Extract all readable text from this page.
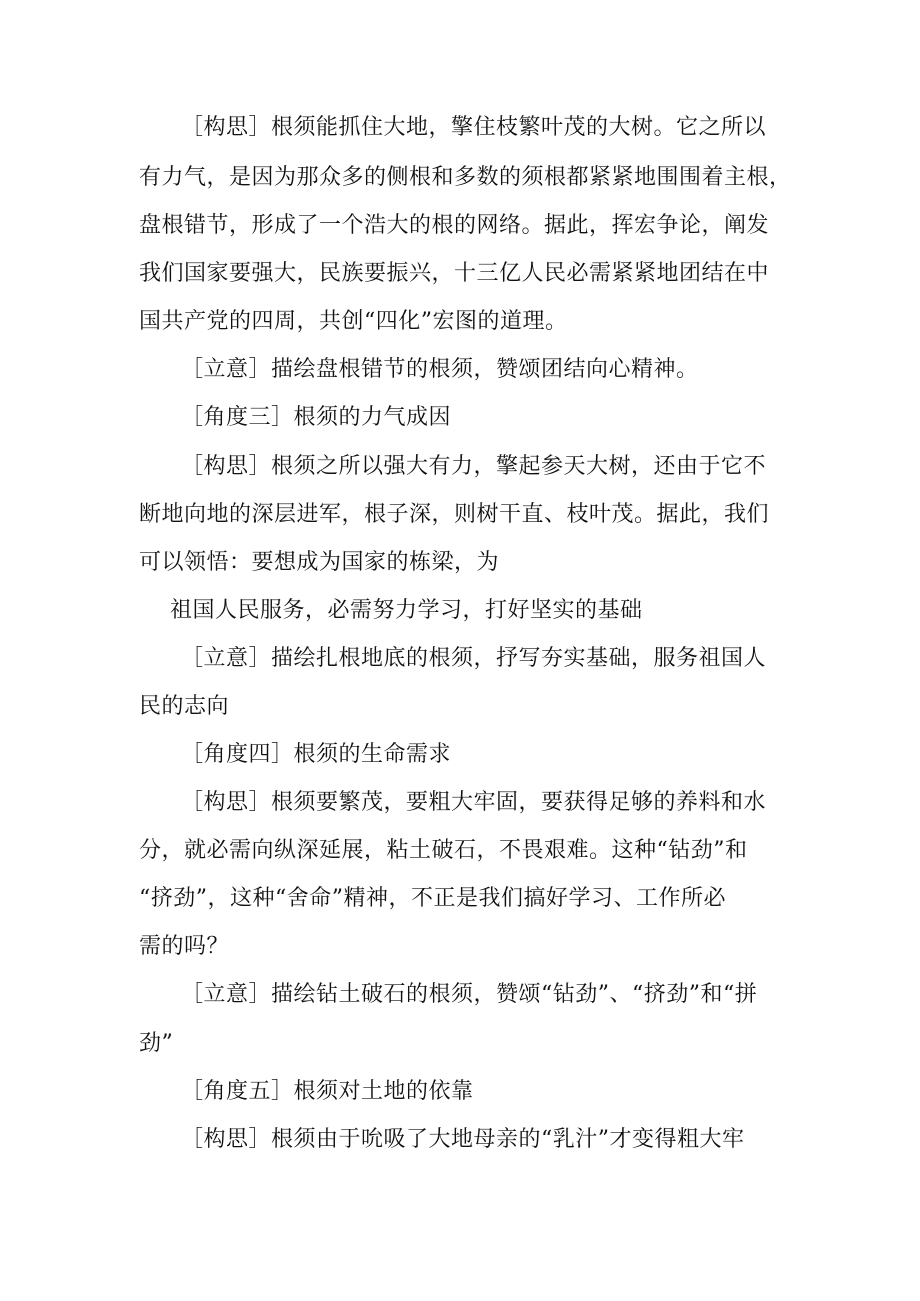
［构思］根须能抓住大地，擎住枝繁叶茂的大树。它之所以
有力气，是因为那众多的侧根和多数的须根都紧紧地围围着主根，
盘根错节，形成了一个浩大的根的网络。据此，挥宏争论，阐发
我们国家要强大，民族要振兴，十三亿人民必需紧紧地团结在中
国共产党的四周，共创“四化”宏图的道理。
［立意］描绘盘根错节的根须，赞颂团结向心精神。
［角度三］根须的力气成因
［构思］根须之所以强大有力，擎起参天大树，还由于它不
断地向地的深层进军，根子深，则树干直、枝叶茂。据此，我们
可以领悟：要想成为国家的栋梁，为
祖国人民服务，必需努力学习，打好坚实的基础
［立意］描绘扎根地底的根须，抒写夯实基础，服务祖国人
民的志向
［角度四］根须的生命需求
［构思］根须要繁茂，要粗大牢固，要获得足够的养料和水
分，就必需向纵深延展，粘土破石，不畏艰难。这种“钻劲”和
“挤劲”，这种“舍命”精神，不正是我们搞好学习、工作所必
需的吗？
［立意］描绘钻土破石的根须，赞颂“钻劲”、“挤劲”和“拼
劲”
［角度五］根须对土地的依靠
［构思］根须由于吮吸了大地母亲的“乳汁”才变得粗大牢
